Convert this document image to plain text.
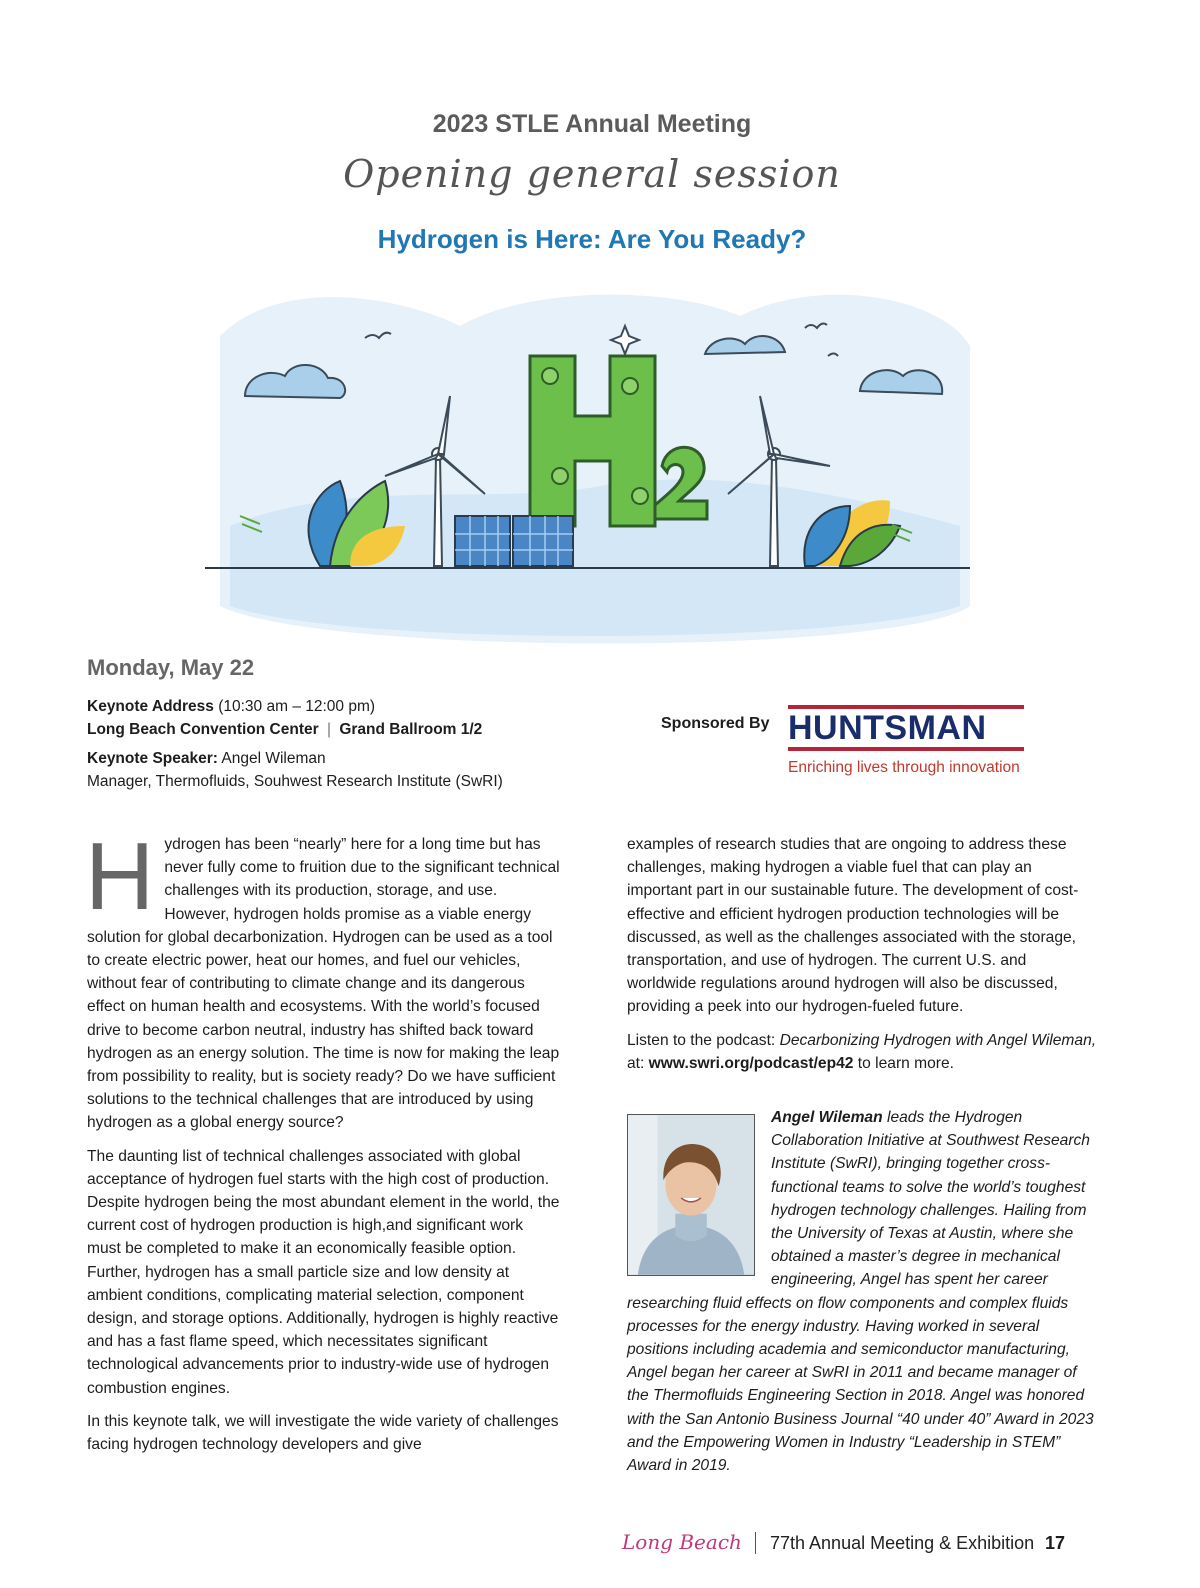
2023 STLE Annual Meeting
Opening general session
Hydrogen is Here: Are You Ready?
Monday, May 22
Keynote Address (10:30 am – 12:00 pm)
Long Beach Convention Center | Grand Ballroom 1/2
Keynote Speaker: Angel Wileman
Manager, Thermofluids, Souhwest Research Institute (SwRI)
Sponsored By HUNTSMAN
Enriching lives through innovation

Hydrogen has been “nearly” here for a long time but has never fully come to fruition due to the significant technical challenges with its production, storage, and use. However, hydrogen holds promise as a viable energy solution for global decarbonization. Hydrogen can be used as a tool to create electric power, heat our homes, and fuel our vehicles, without fear of contributing to climate change and its dangerous effect on human health and ecosystems. With the world’s focused drive to become carbon neutral, industry has shifted back toward hydrogen as an energy solution. The time is now for making the leap from possibility to reality, but is society ready? Do we have sufficient solutions to the technical challenges that are introduced by using hydrogen as a global energy source?

The daunting list of technical challenges associated with global acceptance of hydrogen fuel starts with the high cost of production. Despite hydrogen being the most abundant element in the world, the current cost of hydrogen production is high,and significant work must be completed to make it an economically feasible option. Further, hydrogen has a small particle size and low density at ambient conditions, complicating material selection, component design, and storage options. Additionally, hydrogen is highly reactive and has a fast flame speed, which necessitates significant technological advancements prior to industry-wide use of hydrogen combustion engines.

In this keynote talk, we will investigate the wide variety of challenges facing hydrogen technology developers and give

examples of research studies that are ongoing to address these challenges, making hydrogen a viable fuel that can play an important part in our sustainable future. The development of cost-effective and efficient hydrogen production technologies will be discussed, as well as the challenges associated with the storage, transportation, and use of hydrogen. The current U.S. and worldwide regulations around hydrogen will also be discussed, providing a peek into our hydrogen-fueled future.

Listen to the podcast: Decarbonizing Hydrogen with Angel Wileman, at: www.swri.org/podcast/ep42 to learn more.

Angel Wileman leads the Hydrogen Collaboration Initiative at Southwest Research Institute (SwRI), bringing together cross-functional teams to solve the world’s toughest hydrogen technology challenges. Hailing from the University of Texas at Austin, where she obtained a master’s degree in mechanical engineering, Angel has spent her career researching fluid effects on flow components and complex fluids processes for the energy industry. Having worked in several positions including academia and semiconductor manufacturing, Angel began her career at SwRI in 2011 and became manager of the Thermofluids Engineering Section in 2018. Angel was honored with the San Antonio Business Journal “40 under 40” Award in 2023 and the Empowering Women in Industry “Leadership in STEM” Award in 2019.
Long Beach 77th Annual Meeting & Exhibition 17
